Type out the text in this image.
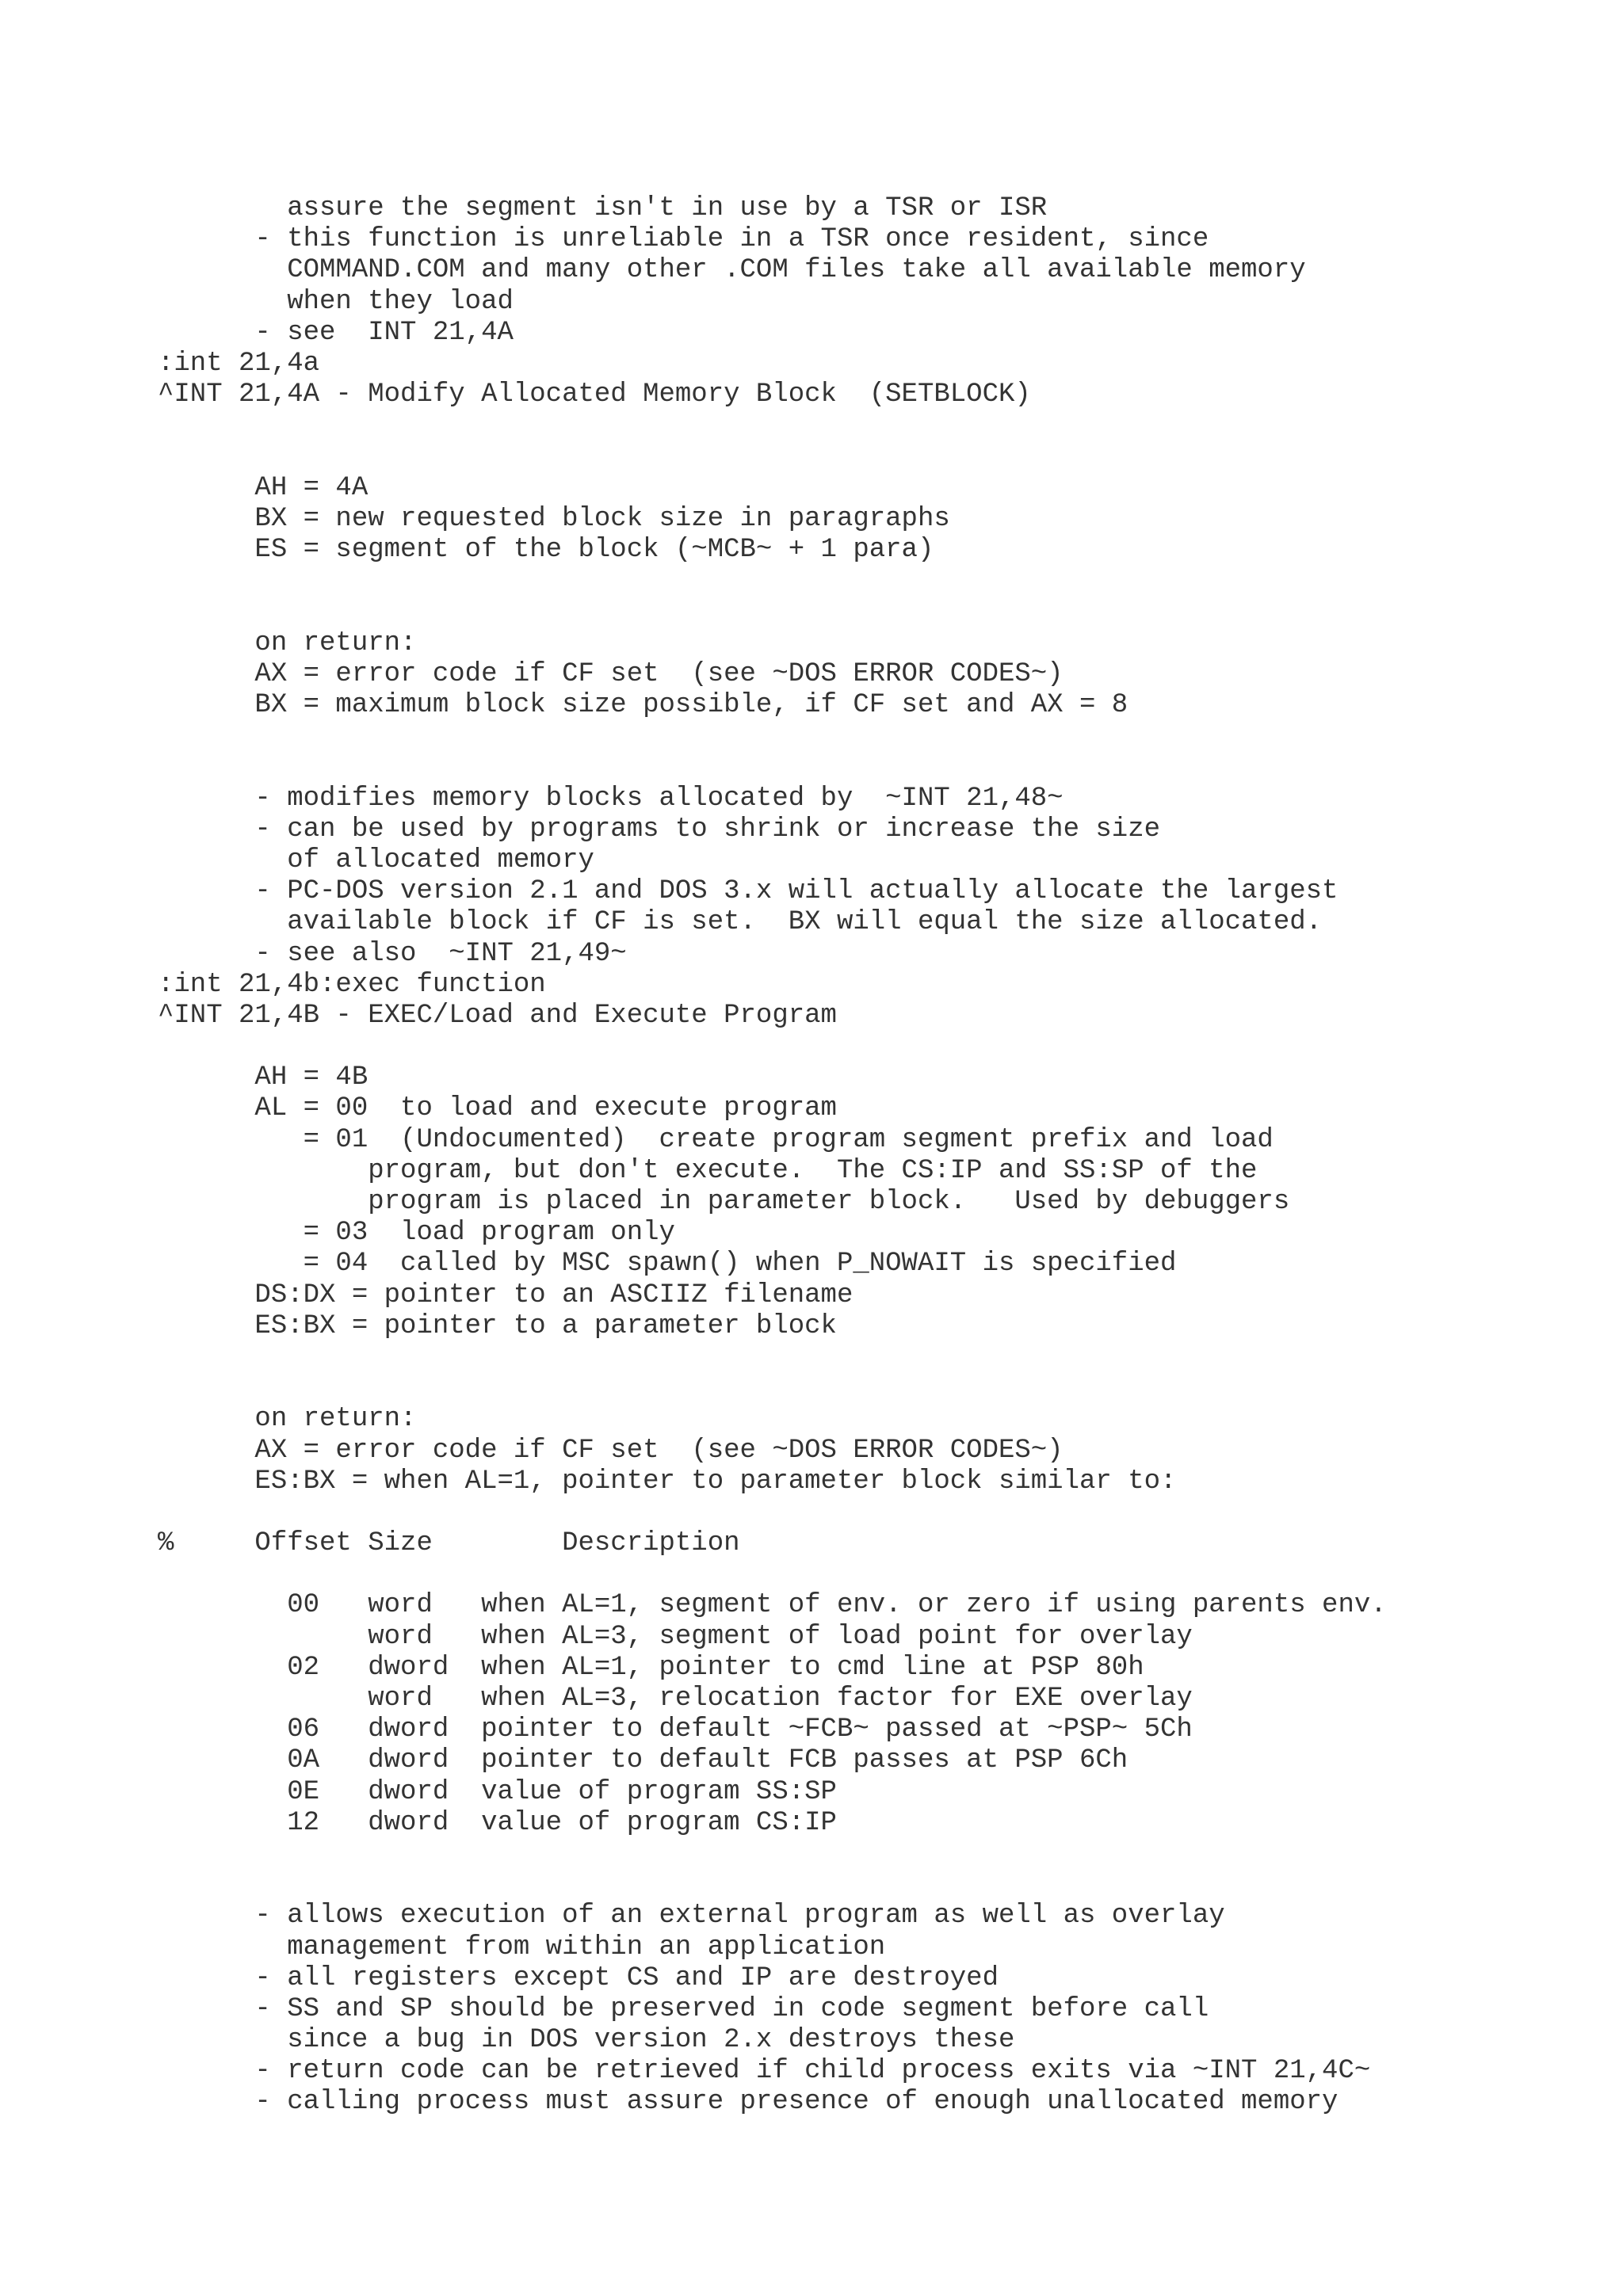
assure the segment isn't in use by a TSR or ISR
- this function is unreliable in a TSR once resident, since
COMMAND.COM and many other .COM files take all available memory
when they load
- see  INT 21,4A
:int 21,4a
^INT 21,4A - Modify Allocated Memory Block  (SETBLOCK)
AH = 4A
BX = new requested block size in paragraphs
ES = segment of the block (~MCB~ + 1 para)
on return:
AX = error code if CF set  (see ~DOS ERROR CODES~)
BX = maximum block size possible, if CF set and AX = 8
- modifies memory blocks allocated by  ~INT 21,48~
- can be used by programs to shrink or increase the size
of allocated memory
- PC-DOS version 2.1 and DOS 3.x will actually allocate the largest
available block if CF is set.  BX will equal the size allocated.
- see also  ~INT 21,49~
:int 21,4b:exec function
^INT 21,4B - EXEC/Load and Execute Program
AH = 4B
AL = 00  to load and execute program
= 01  (Undocumented)  create program segment prefix and load
program, but don't execute.  The CS:IP and SS:SP of the
program is placed in parameter block.   Used by debuggers
= 03  load program only
= 04  called by MSC spawn() when P_NOWAIT is specified
DS:DX = pointer to an ASCIIZ filename
ES:BX = pointer to a parameter block
on return:
AX = error code if CF set  (see ~DOS ERROR CODES~)
ES:BX = when AL=1, pointer to parameter block similar to:
%     Offset Size        Description
00   word   when AL=1, segment of env. or zero if using parents env.
word   when AL=3, segment of load point for overlay
02   dword  when AL=1, pointer to cmd line at PSP 80h
word   when AL=3, relocation factor for EXE overlay
06   dword  pointer to default ~FCB~ passed at ~PSP~ 5Ch
0A   dword  pointer to default FCB passes at PSP 6Ch
0E   dword  value of program SS:SP
12   dword  value of program CS:IP
- allows execution of an external program as well as overlay
management from within an application
- all registers except CS and IP are destroyed
- SS and SP should be preserved in code segment before call
since a bug in DOS version 2.x destroys these
- return code can be retrieved if child process exits via ~INT 21,4C~
- calling process must assure presence of enough unallocated memory
